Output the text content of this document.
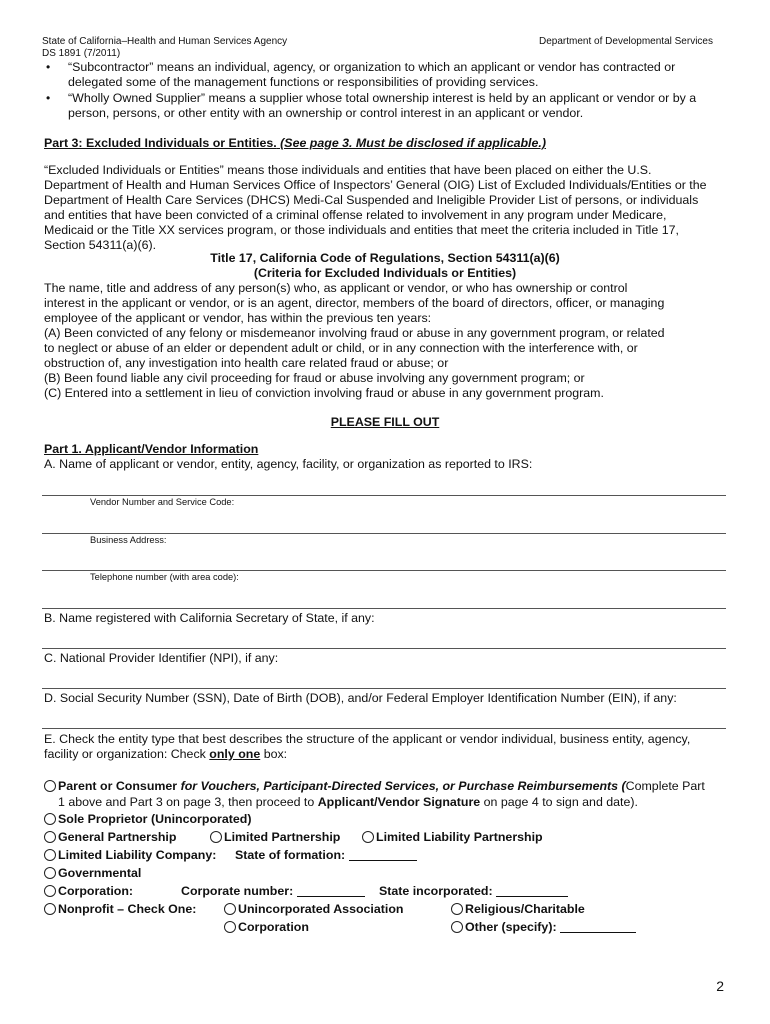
State of California–Health and Human Services Agency
DS 1891 (7/2011)
Department of Developmental Services
• “Subcontractor” means an individual, agency, or organization to which an applicant or vendor has contracted or delegated some of the management functions or responsibilities of providing services.
• “Wholly Owned Supplier” means a supplier whose total ownership interest is held by an applicant or vendor or by a person, persons, or other entity with an ownership or control interest in an applicant or vendor.
Part 3: Excluded Individuals or Entities. (See page 3. Must be disclosed if applicable.)
“Excluded Individuals or Entities” means those individuals and entities that have been placed on either the U.S.
Department of Health and Human Services Office of Inspectors’ General (OIG) List of Excluded Individuals/Entities or the
Department of Health Care Services (DHCS) Medi-Cal Suspended and Ineligible Provider List of persons, or individuals
and entities that have been convicted of a criminal offense related to involvement in any program under Medicare,
Medicaid or the Title XX services program, or those individuals and entities that meet the criteria included in Title 17,
Section 54311(a)(6).
Title 17, California Code of Regulations, Section 54311(a)(6)
(Criteria for Excluded Individuals or Entities)
The name, title and address of any person(s) who, as applicant or vendor, or who has ownership or control
interest in the applicant or vendor, or is an agent, director, members of the board of directors, officer, or managing
employee of the applicant or vendor, has within the previous ten years:
(A) Been convicted of any felony or misdemeanor involving fraud or abuse in any government program, or related
to neglect or abuse of an elder or dependent adult or child, or in any connection with the interference with, or
obstruction of, any investigation into health care related fraud or abuse; or
(B) Been found liable any civil proceeding for fraud or abuse involving any government program; or
(C) Entered into a settlement in lieu of conviction involving fraud or abuse in any government program.
PLEASE FILL OUT
Part 1. Applicant/Vendor Information
A. Name of applicant or vendor, entity, agency, facility, or organization as reported to IRS:
Vendor Number and Service Code:
Business Address:
Telephone number (with area code):
B. Name registered with California Secretary of State, if any:
C. National Provider Identifier (NPI), if any:
D. Social Security Number (SSN), Date of Birth (DOB), and/or Federal Employer Identification Number (EIN), if any:
E. Check the entity type that best describes the structure of the applicant or vendor individual, business entity, agency,
facility or organization: Check only one box:
Parent or Consumer for Vouchers, Participant-Directed Services, or Purchase Reimbursements (Complete Part
1 above and Part 3 on page 3, then proceed to Applicant/Vendor Signature on page 4 to sign and date).
Sole Proprietor (Unincorporated)
General Partnership	Limited Partnership	Limited Liability Partnership
Limited Liability Company: State of formation:
Governmental
Corporation:	Corporate number:	State incorporated:
Nonprofit – Check One:	Unincorporated Association	Religious/Charitable
Corporation	Other (specify):
2
